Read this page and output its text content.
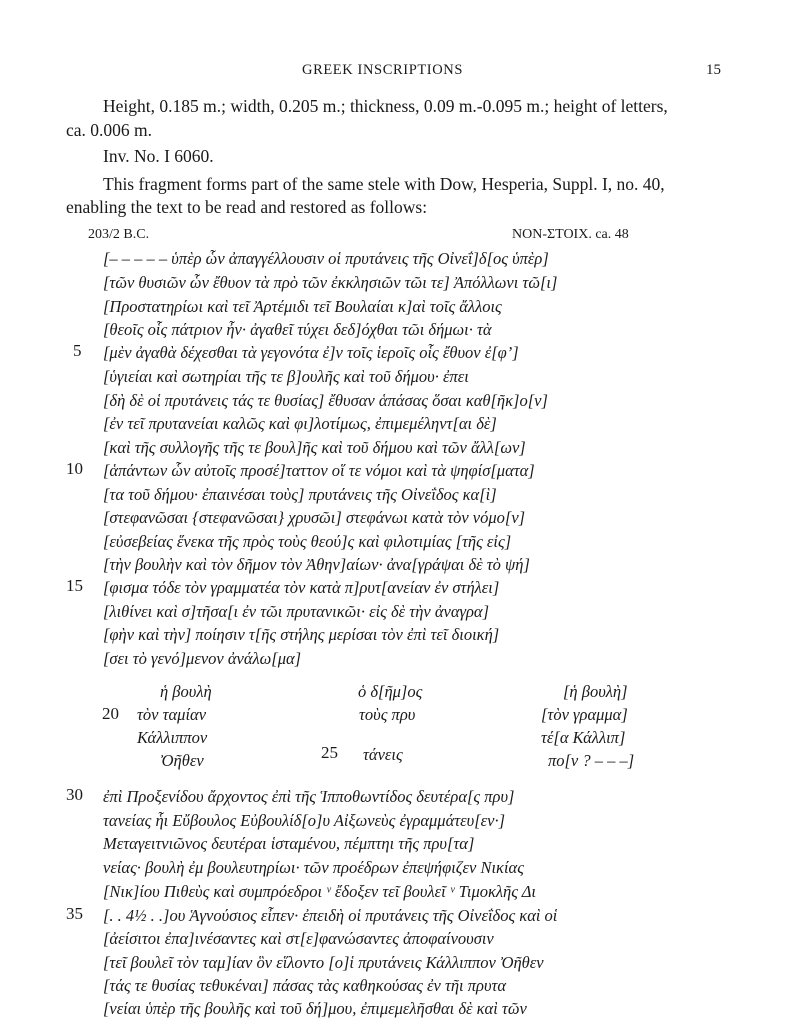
GREEK INSCRIPTIONS	15
Height, 0.185 m.; width, 0.205 m.; thickness, 0.09 m.-0.095 m.; height of letters,
ca. 0.006 m.
Inv. No. I 6060.
This fragment forms part of the same stele with Dow, Hesperia, Suppl. I, no. 40,
enabling the text to be read and restored as follows:
203/2 B.C.	NON-ΣΤΟΙΧ. ca. 48
[– – – – – ὑπὲρ ὧν ἀπαγγέλλουσιν οἱ πρυτάνεις τῆς Οἰνεΐ]δ[ος ὑπὲρ]
[τῶν θυσιῶν ὧν ἔθυον τὰ πρὸ τῶν ἐκκλησιῶν τῶι τε] Ἀπόλλωνι τῶ[ι]
[Προστατηρίωι καὶ τεῖ Ἀρτέμιδι τεῖ Βουλαίαι κ]αὶ τοῖς ἄλλοις
[θεοῖς οἷς πάτριον ἦν· ἀγαθεῖ τύχει δεδ]όχθαι τῶι δήμωι· τὰ
[μὲν ἀγαθὰ δέχεσθαι τὰ γεγονότα ἐ]ν τοῖς ἱεροῖς οἷς ἔθυον ἐ[φ’]
[ὑγιείαι καὶ σωτηρίαι τῆς τε β]ουλῆς καὶ τοῦ δήμου· ἐπει
[δὴ δὲ οἱ πρυτάνεις τάς τε θυσίας] ἔθυσαν ἁπάσας ὅσαι καθ[ῆκ]ο[ν]
[ἐν τεῖ πρυτανείαι καλῶς καὶ φι]λοτίμως, ἐπιμεμέληντ[αι δὲ]
[καὶ τῆς συλλογῆς τῆς τε βουλ]ῆς καὶ τοῦ δήμου καὶ τῶν ἄλλ[ων]
[ἁπάντων ὧν αὐτοῖς προσέ]ταττον οἵ τε νόμοι καὶ τὰ ψηφίσ[ματα]
[τα τοῦ δήμου· ἐπαινέσαι τοὺς] πρυτάνεις τῆς Οἰνεΐδος κα[ὶ]
[στεφανῶσαι {στεφανῶσαι} χρυσῶι] στεφάνωι κατὰ τὸν νόμο[ν]
[εὐσεβείας ἕνεκα τῆς πρὸς τοὺς θεού]ς καὶ φιλοτιμίας [τῆς εἰς]
[τὴν βουλὴν καὶ τὸν δῆμον τὸν Ἀθην]αίων· ἀνα[γράψαι δὲ τὸ ψή]
[φισμα τόδε τὸν γραμματέα τὸν κατὰ π]ρυτ[ανείαν ἐν στήλει]
[λιθίνει καὶ σ]τῆσα[ι ἐν τῶι πρυτανικῶι· εἰς δὲ τὴν ἀναγρα]
[φὴν καὶ τὴν] ποίησιν τ[ῆς στήλης μερίσαι τὸν ἐπὶ τεῖ διοική]
[σει τὸ γενό]μενον ἀνάλω[μα]
5
10
15
20
25
30
35
ἡ βουλὴ
τὸν ταμίαν
Κάλλιππον
Ὀῆθεν
ὁ δ[ῆμ]ος
τοὺς πρυ
τάνεις
[ἡ βουλὴ]
[τὸν γραμμα]
τέ[α Κάλλιπ]
πο[ν ? – – –]
ἐπὶ Προξενίδου ἄρχοντος ἐπὶ τῆς Ἱπποθωντίδος δευτέρα[ς πρυ]
τανείας ἧι Εὔβουλος Εὐβουλίδ[ο]υ Αἰξωνεὺς ἐγραμμάτευ[εν·]
Μεταγειτνιῶνος δευτέραι ἱσταμένου, πέμπτηι τῆς πρυ[τα]
νείας· βουλὴ ἐμ βουλευτηρίωι· τῶν προέδρων ἐπεψήφιζεν Νικίας
[Νικ]ίου Πιθεὺς καὶ συμπρόεδροι ᵛ ἔδοξεν τεῖ βουλεῖ ᵛ Τιμοκλῆς Δι
[. . 4½ . .]ου Ἁγνούσιος εἶπεν· ἐπειδὴ οἱ πρυτάνεις τῆς Οἰνεΐδος καὶ οἱ
[ἀείσιτοι ἐπα]ινέσαντες καὶ στ[ε]φανώσαντες ἀποφαίνουσιν
[τεῖ βουλεῖ τὸν ταμ]ίαν ὃν εἵλοντο [ο]ἱ πρυτάνεις Κάλλιππον Ὀῆθεν
[τάς τε θυσίας τεθυκέναι] πάσας τὰς καθηκούσας ἐν τῆι πρυτα
[νείαι ὑπὲρ τῆς βουλῆς καὶ τοῦ δή]μου, ἐπιμεμελῆσθαι δὲ καὶ τῶν
